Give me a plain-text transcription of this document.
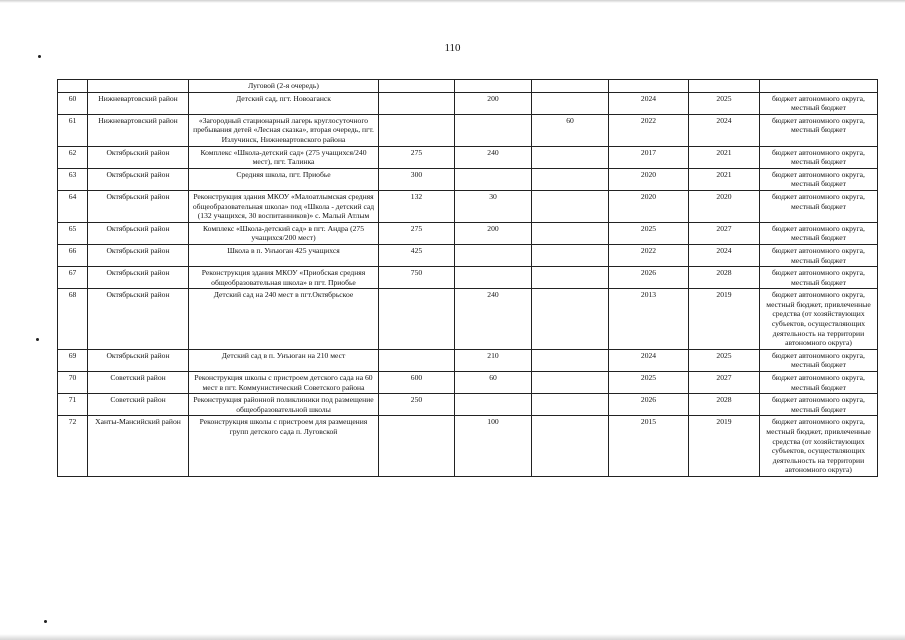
110
		Луговой (2-я очередь)						
60	Нижневартовский район	Детский сад, пгт. Новоаганск		200		2024	2025	бюджет автономного округа, местный бюджет
61	Нижневартовский район	«Загородный стационарный лагерь круглосуточного пребывания детей «Лесная сказка», вторая очередь, пгт. Излучинск, Нижневартовского района			60	2022	2024	бюджет автономного округа, местный бюджет
62	Октябрьский район	Комплекс «Школа-детский сад» (275 учащихся/240 мест), пгт. Талинка	275	240		2017	2021	бюджет автономного округа, местный бюджет
63	Октябрьский район	Средняя школа, пгт. Приобье	300			2020	2021	бюджет автономного округа, местный бюджет
64	Октябрьский район	Реконструкция здания МКОУ «Малоатлымская средняя общеобразовательная школа» под «Школа - детский сад (132 учащихся, 30 воспитанников)» с. Малый Атлым	132	30		2020	2020	бюджет автономного округа, местный бюджет
65	Октябрьский район	Комплекс «Школа-детский сад» в пгт. Андра (275 учащихся/200 мест)	275	200		2025	2027	бюджет автономного округа, местный бюджет
66	Октябрьский район	Школа в п. Унъюган 425 учащихся	425			2022	2024	бюджет автономного округа, местный бюджет
67	Октябрьский район	Реконструкция здания МКОУ «Приобская средняя общеобразовательная школа» в пгт. Приобье	750			2026	2028	бюджет автономного округа, местный бюджет
68	Октябрьский район	Детский сад на 240 мест в пгт.Октябрьское		240		2013	2019	бюджет автономного округа, местный бюджет, привлеченные средства (от хозяйствующих субъектов, осуществляющих деятельность на территории автономного округа)
69	Октябрьский район	Детский сад в п. Унъюган на 210 мест		210		2024	2025	бюджет автономного округа, местный бюджет
70	Советский район	Реконструкция школы с пристроем детского сада на 60 мест в пгт. Коммунистический Советского района	600	60		2025	2027	бюджет автономного округа, местный бюджет
71	Советский район	Реконструкция районной поликлиники под размещение общеобразовательной школы	250			2026	2028	бюджет автономного округа, местный бюджет
72	Ханты-Мансийский район	Реконструкция школы с пристроем для размещения групп детского сада п. Луговской		100		2015	2019	бюджет автономного округа, местный бюджет, привлеченные средства (от хозяйствующих субъектов, осуществляющих деятельность на территории автономного округа)
